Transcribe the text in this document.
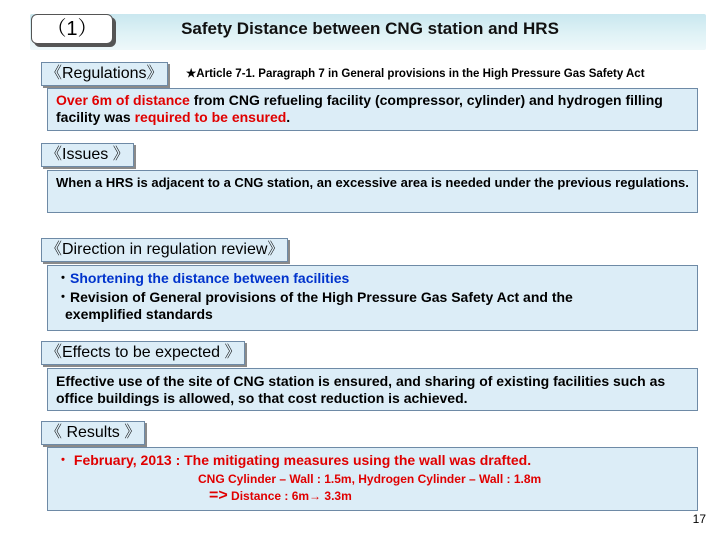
（1）	Safety Distance between CNG station and HRS
《Regulations》	★Article 7-1. Paragraph 7 in General provisions in the High Pressure Gas Safety Act
Over 6m of distance from CNG refueling facility (compressor, cylinder) and hydrogen filling facility was required to be ensured.
《Issues 》
When a HRS is adjacent to a CNG station, an excessive area is needed under the previous regulations.
《Direction in regulation review》
・Shortening the distance between facilities
・Revision of General provisions of the High Pressure Gas Safety Act and the
exemplified standards
《Effects to be expected 》
Effective use of the site of CNG station is ensured, and sharing of existing facilities such as office buildings is allowed, so that cost reduction is achieved.
《 Results 》
・ February, 2013 : The mitigating measures using the wall was drafted.
CNG Cylinder – Wall : 1.5m, Hydrogen Cylinder – Wall : 1.8m
=> Distance : 6m→ 3.3m
17
